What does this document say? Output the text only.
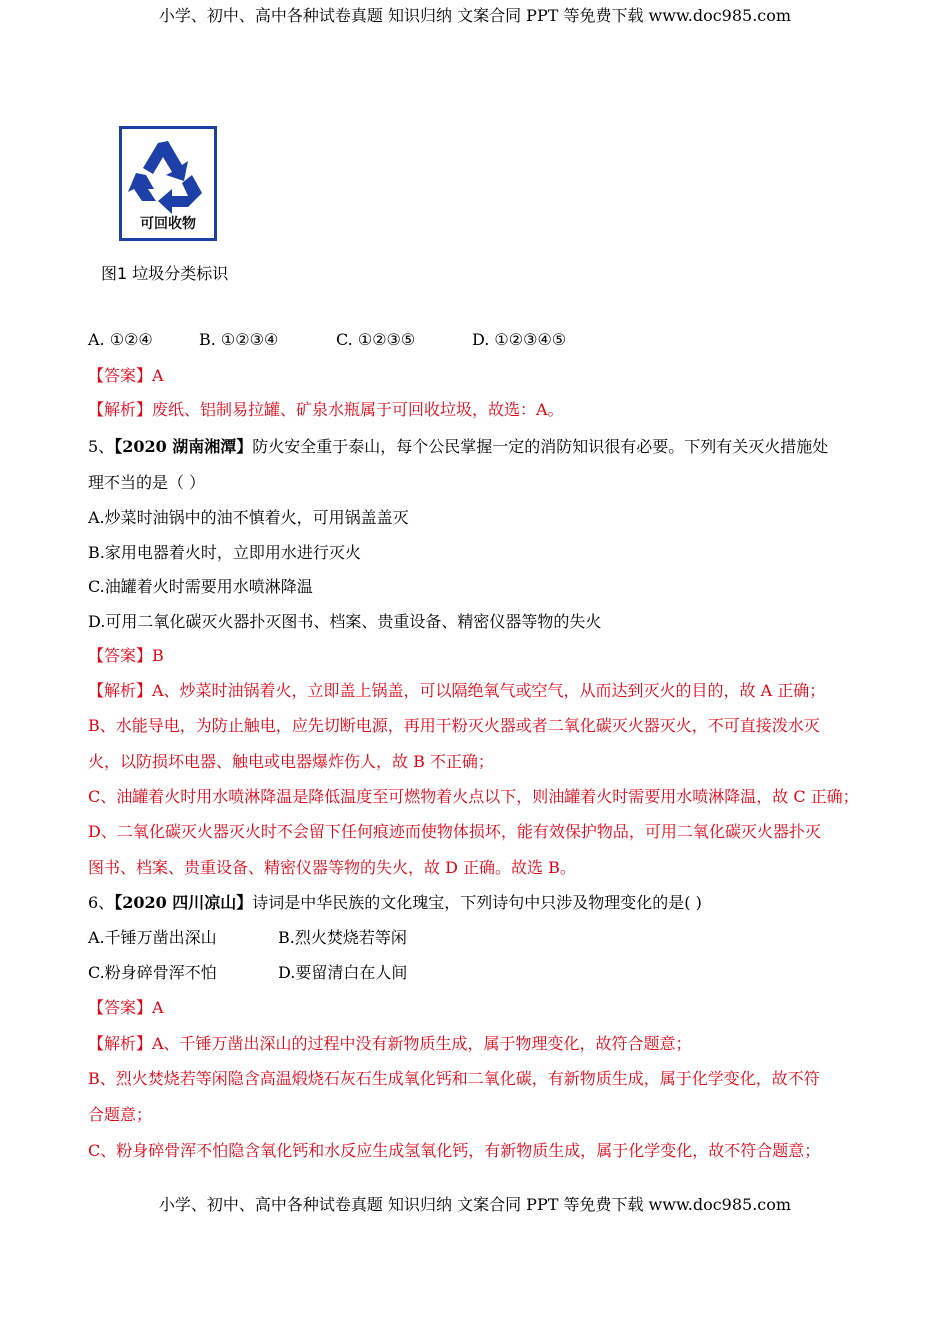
小学、初中、高中各种试卷真题 知识归纳 文案合同 PPT 等免费下载 www.doc985.com
可回收物
图1 垃圾分类标识
A. ①②④	B. ①②③④	C. ①②③⑤	D. ①②③④⑤
【答案】A
【解析】废纸、铝制易拉罐、矿泉水瓶属于可回收垃圾，故选：A。
5、【2020 湖南湘潭】防火安全重于泰山，每个公民掌握一定的消防知识很有必要。下列有关灭火措施处
理不当的是（ ）
A.炒菜时油锅中的油不慎着火，可用锅盖盖灭
B.家用电器着火时，立即用水进行灭火
C.油罐着火时需要用水喷淋降温
D.可用二氧化碳灭火器扑灭图书、档案、贵重设备、精密仪器等物的失火
【答案】B
【解析】A、炒菜时油锅着火，立即盖上锅盖，可以隔绝氧气或空气，从而达到灭火的目的，故 A 正确；
B、水能导电，为防止触电，应先切断电源，再用干粉灭火器或者二氧化碳灭火器灭火，不可直接泼水灭
火，以防损坏电器、触电或电器爆炸伤人，故 B 不正确；
C、油罐着火时用水喷淋降温是降低温度至可燃物着火点以下，则油罐着火时需要用水喷淋降温，故 C 正确；
D、二氧化碳灭火器灭火时不会留下任何痕迹而使物体损坏，能有效保护物品，可用二氧化碳灭火器扑灭
图书、档案、贵重设备、精密仪器等物的失火，故 D 正确。故选 B。
6、【2020 四川凉山】诗词是中华民族的文化瑰宝，下列诗句中只涉及物理变化的是( )
A.千锤万凿出深山	B.烈火焚烧若等闲
C.粉身碎骨浑不怕	D.要留清白在人间
【答案】A
【解析】A、千锤万凿出深山的过程中没有新物质生成，属于物理变化，故符合题意；
B、烈火焚烧若等闲隐含高温煅烧石灰石生成氧化钙和二氧化碳，有新物质生成，属于化学变化，故不符
合题意；
C、粉身碎骨浑不怕隐含氧化钙和水反应生成氢氧化钙，有新物质生成，属于化学变化，故不符合题意；
小学、初中、高中各种试卷真题 知识归纳 文案合同 PPT 等免费下载 www.doc985.com
